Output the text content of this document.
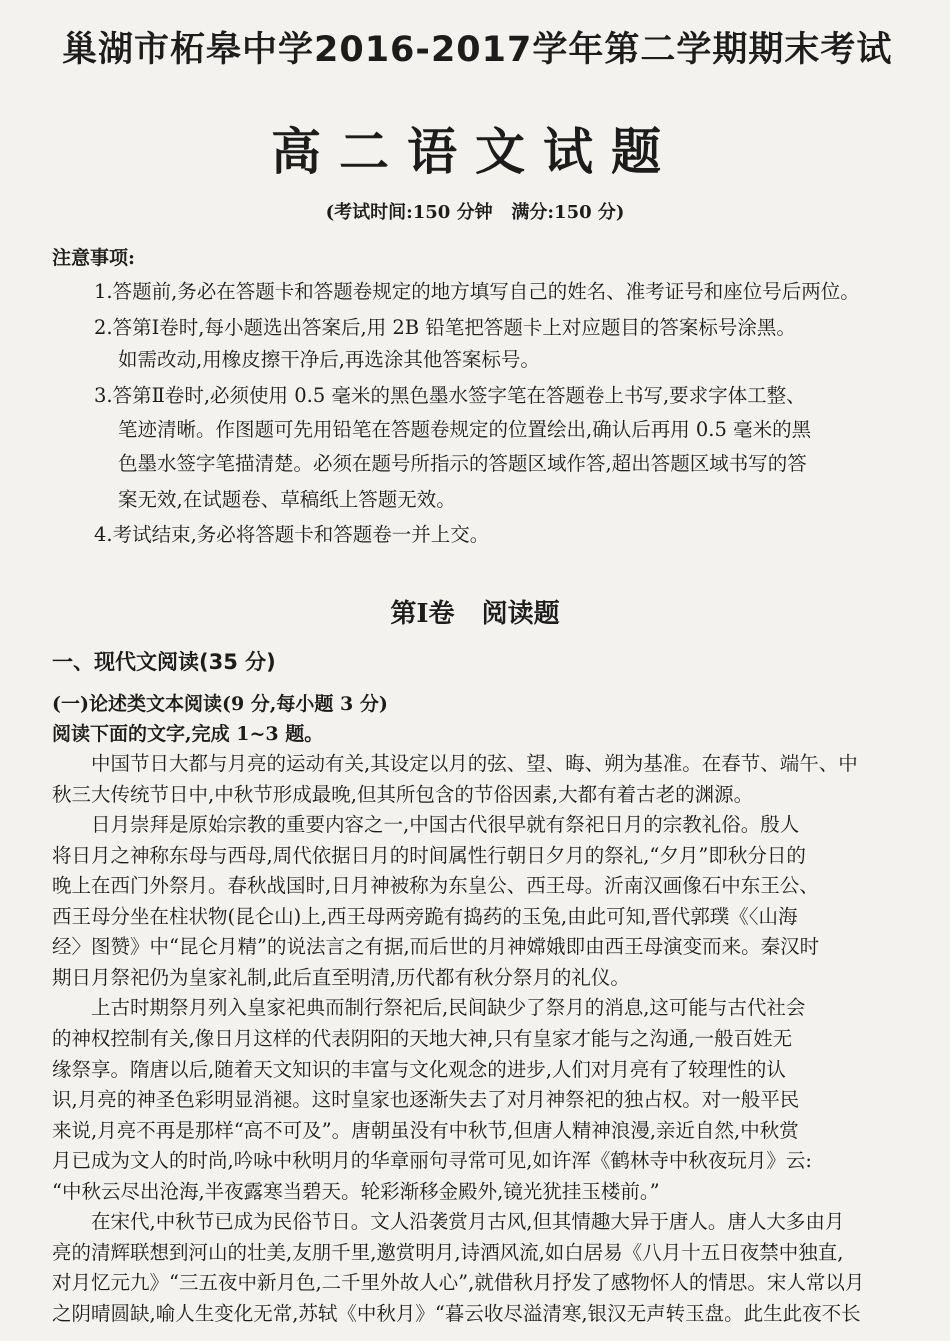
巢湖市柘皋中学2016-2017学年第二学期期末考试
高二语文试题
(考试时间:150 分钟   满分:150 分)
注意事项:
1.答题前,务必在答题卡和答题卷规定的地方填写自己的姓名、准考证号和座位号后两位。
2.答第Ⅰ卷时,每小题选出答案后,用 2B 铅笔把答题卡上对应题目的答案标号涂黑。
如需改动,用橡皮擦干净后,再选涂其他答案标号。
3.答第Ⅱ卷时,必须使用 0.5 毫米的黑色墨水签字笔在答题卷上书写,要求字体工整、
笔迹清晰。作图题可先用铅笔在答题卷规定的位置绘出,确认后再用 0.5 毫米的黑
色墨水签字笔描清楚。必须在题号所指示的答题区域作答,超出答题区域书写的答
案无效,在试题卷、草稿纸上答题无效。
4.考试结束,务必将答题卡和答题卷一并上交。
第Ⅰ卷   阅读题
一、现代文阅读(35 分)
(一)论述类文本阅读(9 分,每小题 3 分)
阅读下面的文字,完成 1~3 题。
　　中国节日大都与月亮的运动有关,其设定以月的弦、望、晦、朔为基准。在春节、端午、中
秋三大传统节日中,中秋节形成最晚,但其所包含的节俗因素,大都有着古老的渊源。
　　日月崇拜是原始宗教的重要内容之一,中国古代很早就有祭祀日月的宗教礼俗。殷人
将日月之神称东母与西母,周代依据日月的时间属性行朝日夕月的祭礼,“夕月”即秋分日的
晚上在西门外祭月。春秋战国时,日月神被称为东皇公、西王母。沂南汉画像石中东王公、
西王母分坐在柱状物(昆仑山)上,西王母两旁跪有捣药的玉兔,由此可知,晋代郭璞《〈山海
经〉图赞》中“昆仑月精”的说法言之有据,而后世的月神嫦娥即由西王母演变而来。秦汉时
期日月祭祀仍为皇家礼制,此后直至明清,历代都有秋分祭月的礼仪。
　　上古时期祭月列入皇家祀典而制行祭祀后,民间缺少了祭月的消息,这可能与古代社会
的神权控制有关,像日月这样的代表阴阳的天地大神,只有皇家才能与之沟通,一般百姓无
缘祭享。隋唐以后,随着天文知识的丰富与文化观念的进步,人们对月亮有了较理性的认
识,月亮的神圣色彩明显消褪。这时皇家也逐渐失去了对月神祭祀的独占权。对一般平民
来说,月亮不再是那样“高不可及”。唐朝虽没有中秋节,但唐人精神浪漫,亲近自然,中秋赏
月已成为文人的时尚,吟咏中秋明月的华章丽句寻常可见,如许浑《鹤林寺中秋夜玩月》云:
“中秋云尽出沧海,半夜露寒当碧天。轮彩渐移金殿外,镜光犹挂玉楼前。”
　　在宋代,中秋节已成为民俗节日。文人沿袭赏月古风,但其情趣大异于唐人。唐人大多由月
亮的清辉联想到河山的壮美,友朋千里,邀赏明月,诗酒风流,如白居易《八月十五日夜禁中独直,
对月忆元九》“三五夜中新月色,二千里外故人心”,就借秋月抒发了感物怀人的情思。宋人常以月
之阴晴圆缺,喻人生变化无常,苏轼《中秋月》“暮云收尽溢清寒,银汉无声转玉盘。此生此夜不长
